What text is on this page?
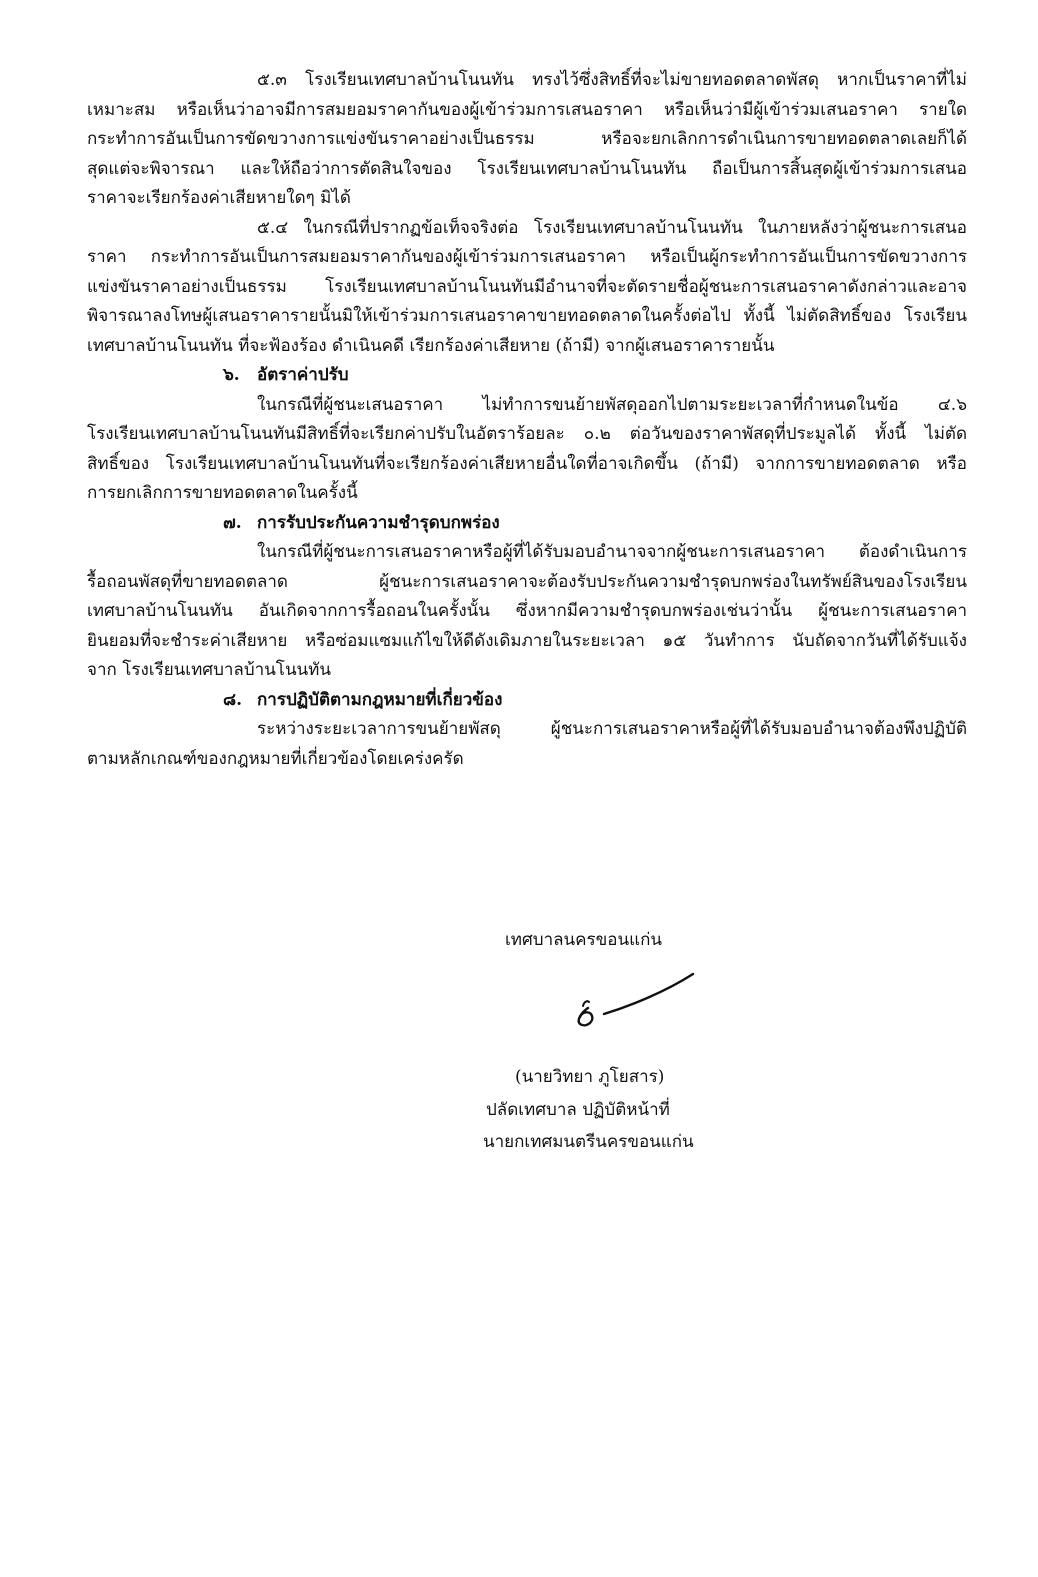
๕.๓ โรงเรียนเทศบาลบ้านโนนทัน ทรงไว้ซึ่งสิทธิ์ที่จะไม่ขายทอดตลาดพัสดุ หากเป็นราคาที่ไม่
เหมาะสม หรือเห็นว่าอาจมีการสมยอมราคากันของผู้เข้าร่วมการเสนอราคา หรือเห็นว่ามีผู้เข้าร่วมเสนอราคา รายใด
กระทำการอันเป็นการขัดขวางการแข่งขันราคาอย่างเป็นธรรม หรือจะยกเลิกการดำเนินการขายทอดตลาดเลยก็ได้
สุดแต่จะพิจารณา และให้ถือว่าการตัดสินใจของ โรงเรียนเทศบาลบ้านโนนทัน ถือเป็นการสิ้นสุดผู้เข้าร่วมการเสนอ
ราคาจะเรียกร้องค่าเสียหายใดๆ มิได้
๕.๔ ในกรณีที่ปรากฏข้อเท็จจริงต่อ โรงเรียนเทศบาลบ้านโนนทัน ในภายหลังว่าผู้ชนะการเสนอ
ราคา กระทำการอันเป็นการสมยอมราคากันของผู้เข้าร่วมการเสนอราคา หรือเป็นผู้กระทำการอันเป็นการขัดขวางการ
แข่งขันราคาอย่างเป็นธรรม โรงเรียนเทศบาลบ้านโนนทันมีอำนาจที่จะตัดรายชื่อผู้ชนะการเสนอราคาดังกล่าวและอาจ
พิจารณาลงโทษผู้เสนอราคารายนั้นมิให้เข้าร่วมการเสนอราคาขายทอดตลาดในครั้งต่อไป ทั้งนี้ ไม่ตัดสิทธิ์ของ โรงเรียน
เทศบาลบ้านโนนทัน ที่จะฟ้องร้อง ดำเนินคดี เรียกร้องค่าเสียหาย (ถ้ามี) จากผู้เสนอราคารายนั้น
๖. อัตราค่าปรับ
ในกรณีที่ผู้ชนะเสนอราคา ไม่ทำการขนย้ายพัสดุออกไปตามระยะเวลาที่กำหนดในข้อ ๔.๖
โรงเรียนเทศบาลบ้านโนนทันมีสิทธิ์ที่จะเรียกค่าปรับในอัตราร้อยละ ๐.๒ ต่อวันของราคาพัสดุที่ประมูลได้ ทั้งนี้ ไม่ตัด
สิทธิ์ของ โรงเรียนเทศบาลบ้านโนนทันที่จะเรียกร้องค่าเสียหายอื่นใดที่อาจเกิดขึ้น (ถ้ามี) จากการขายทอดตลาด หรือ
การยกเลิกการขายทอดตลาดในครั้งนี้
๗. การรับประกันความชำรุดบกพร่อง
ในกรณีที่ผู้ชนะการเสนอราคาหรือผู้ที่ได้รับมอบอำนาจจากผู้ชนะการเสนอราคา ต้องดำเนินการ
รื้อถอนพัสดุที่ขายทอดตลาด ผู้ชนะการเสนอราคาจะต้องรับประกันความชำรุดบกพร่องในทรัพย์สินของโรงเรียน
เทศบาลบ้านโนนทัน อันเกิดจากการรื้อถอนในครั้งนั้น ซึ่งหากมีความชำรุดบกพร่องเช่นว่านั้น ผู้ชนะการเสนอราคา
ยินยอมที่จะชำระค่าเสียหาย หรือซ่อมแซมแก้ไขให้ดีดังเดิมภายในระยะเวลา ๑๕ วันทำการ นับถัดจากวันที่ได้รับแจ้ง
จาก โรงเรียนเทศบาลบ้านโนนทัน
๘. การปฏิบัติตามกฎหมายที่เกี่ยวข้อง
ระหว่างระยะเวลาการขนย้ายพัสดุ ผู้ชนะการเสนอราคาหรือผู้ที่ได้รับมอบอำนาจต้องพึงปฏิบัติ
ตามหลักเกณฑ์ของกฎหมายที่เกี่ยวข้องโดยเคร่งครัด
เทศบาลนครขอนแก่น
(นายวิทยา ภูโยสาร)
ปลัดเทศบาล ปฏิบัติหน้าที่
นายกเทศมนตรีนครขอนแก่น
